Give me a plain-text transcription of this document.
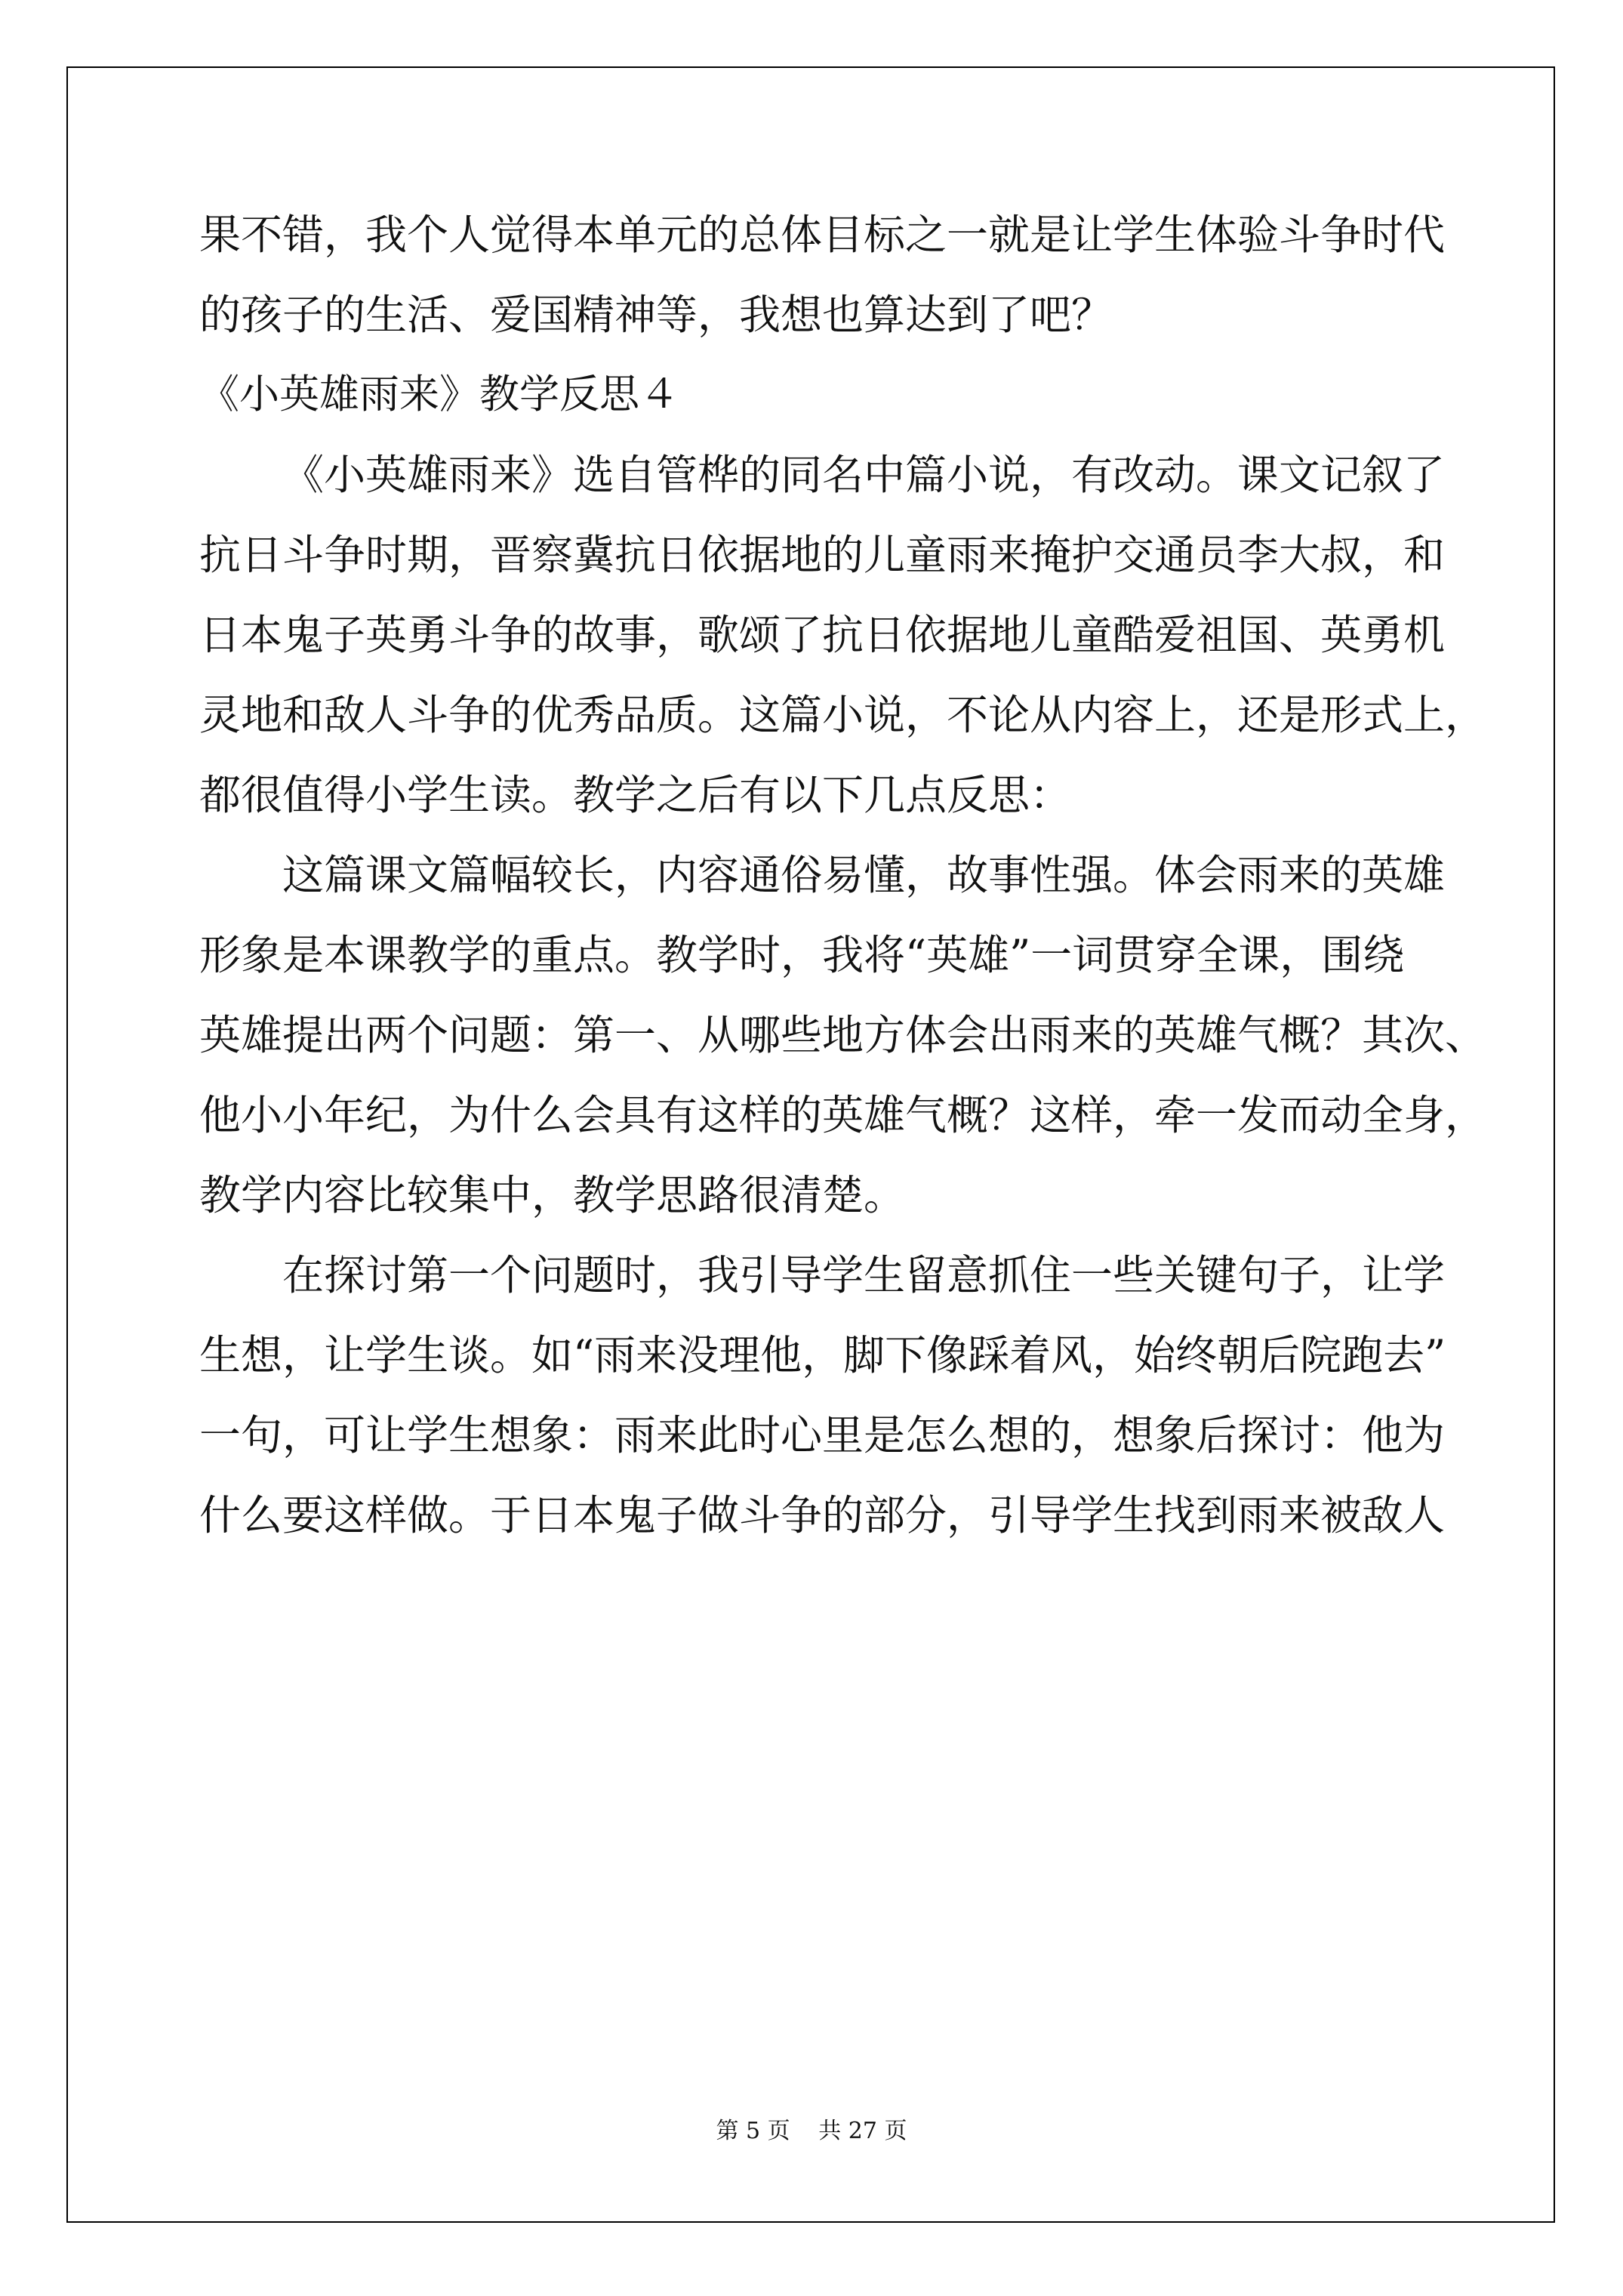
果不错，我个人觉得本单元的总体目标之一就是让学生体验斗争时代

的孩子的生活、爱国精神等，我想也算达到了吧？

《小英雄雨来》教学反思４

《小英雄雨来》选自管桦的同名中篇小说，有改动。课文记叙了

抗日斗争时期，晋察冀抗日依据地的儿童雨来掩护交通员李大叔，和

日本鬼子英勇斗争的故事，歌颂了抗日依据地儿童酷爱祖国、英勇机

灵地和敌人斗争的优秀品质。这篇小说，不论从内容上，还是形式上，

都很值得小学生读。教学之后有以下几点反思：

这篇课文篇幅较长，内容通俗易懂，故事性强。体会雨来的英雄

形象是本课教学的重点。教学时，我将“英雄”一词贯穿全课，围绕

英雄提出两个问题：第一、从哪些地方体会出雨来的英雄气概？其次、

他小小年纪，为什么会具有这样的英雄气概？这样，牵一发而动全身，

教学内容比较集中，教学思路很清楚。

在探讨第一个问题时，我引导学生留意抓住一些关键句子，让学

生想，让学生谈。如“雨来没理他，脚下像踩着风，始终朝后院跑去”

一句，可让学生想象：雨来此时心里是怎么想的，想象后探讨：他为

什么要这样做。于日本鬼子做斗争的部分，引导学生找到雨来被敌人

第 5 页 共 27 页
